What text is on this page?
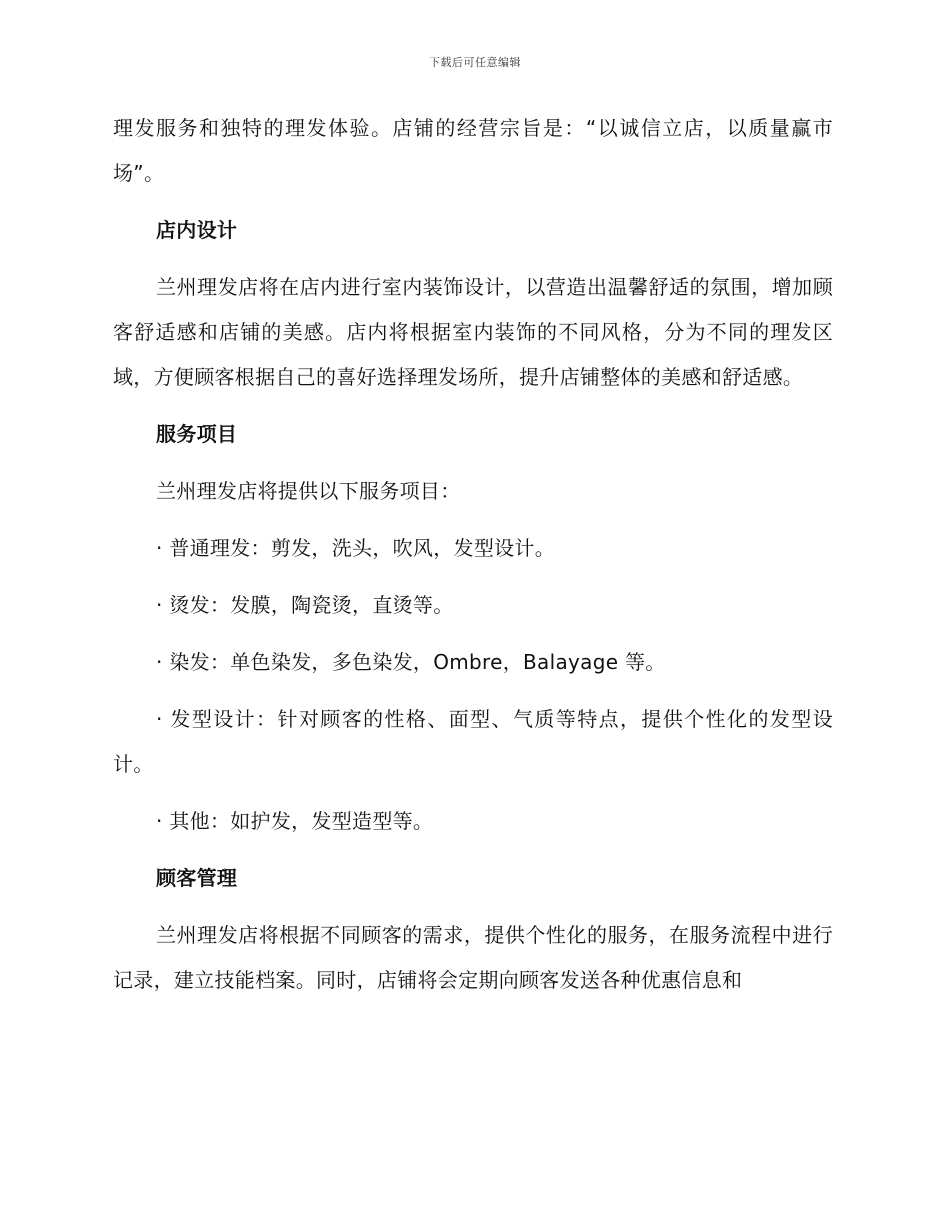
下载后可任意编辑

理发服务和独特的理发体验。店铺的经营宗旨是：“以诚信立店，以质量赢市场”。

店内设计

兰州理发店将在店内进行室内装饰设计，以营造出温馨舒适的氛围，增加顾客舒适感和店铺的美感。店内将根据室内装饰的不同风格，分为不同的理发区域，方便顾客根据自己的喜好选择理发场所，提升店铺整体的美感和舒适感。

服务项目

兰州理发店将提供以下服务项目：

· 普通理发：剪发，洗头，吹风，发型设计。

· 烫发：发膜，陶瓷烫，直烫等。

· 染发：单色染发，多色染发，Ombre，Balayage 等。

· 发型设计：针对顾客的性格、面型、气质等特点，提供个性化的发型设计。

· 其他：如护发，发型造型等。

顾客管理

兰州理发店将根据不同顾客的需求，提供个性化的服务，在服务流程中进行记录，建立技能档案。同时，店铺将会定期向顾客发送各种优惠信息和
